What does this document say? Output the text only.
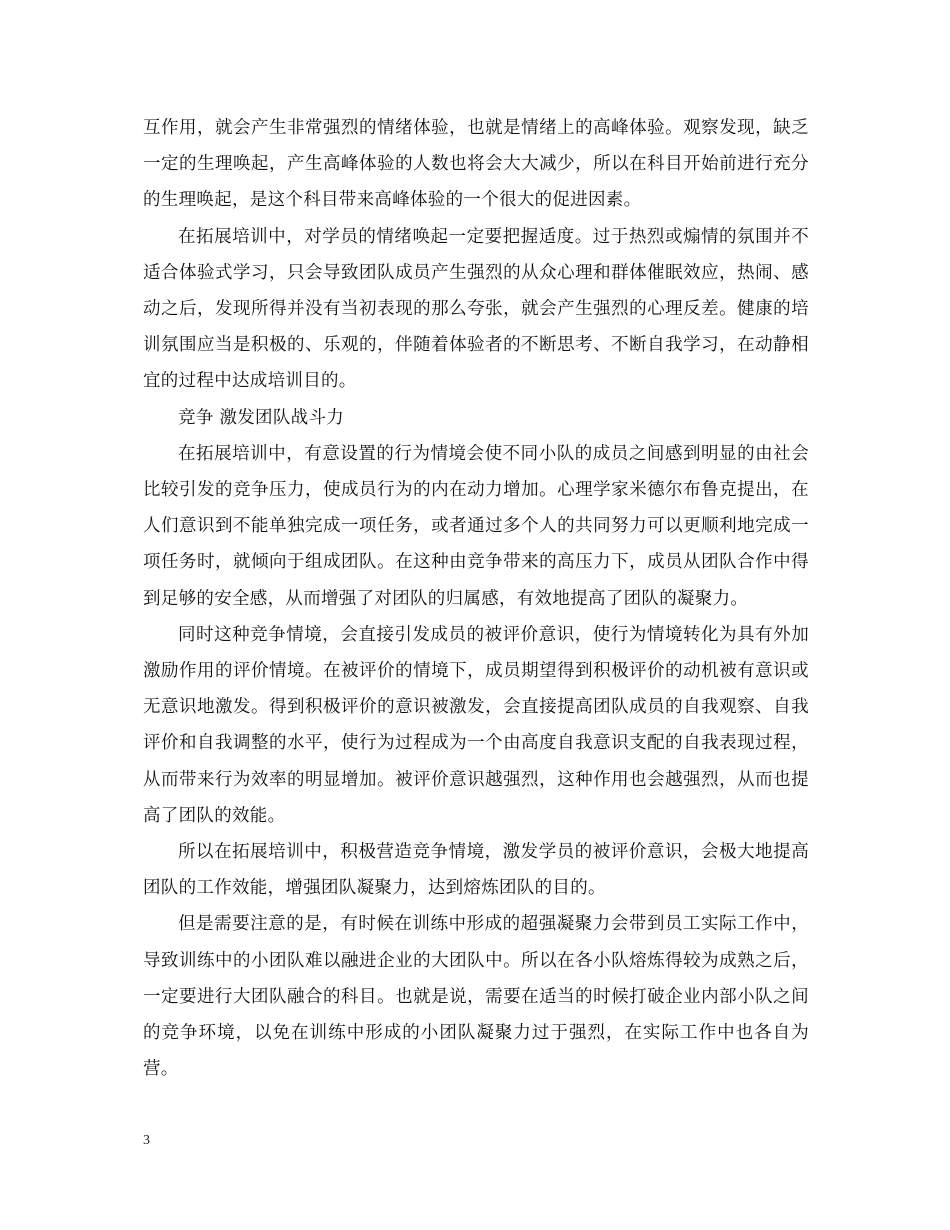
互作用，就会产生非常强烈的情绪体验，也就是情绪上的高峰体验。观察发现，缺乏一定的生理唤起，产生高峰体验的人数也将会大大减少，所以在科目开始前进行充分的生理唤起，是这个科目带来高峰体验的一个很大的促进因素。

在拓展培训中，对学员的情绪唤起一定要把握适度。过于热烈或煽情的氛围并不适合体验式学习，只会导致团队成员产生强烈的从众心理和群体催眠效应，热闹、感动之后，发现所得并没有当初表现的那么夸张，就会产生强烈的心理反差。健康的培训氛围应当是积极的、乐观的，伴随着体验者的不断思考、不断自我学习，在动静相宜的过程中达成培训目的。

竞争 激发团队战斗力

在拓展培训中，有意设置的行为情境会使不同小队的成员之间感到明显的由社会比较引发的竞争压力，使成员行为的内在动力增加。心理学家米德尔布鲁克提出，在人们意识到不能单独完成一项任务，或者通过多个人的共同努力可以更顺利地完成一项任务时，就倾向于组成团队。在这种由竞争带来的高压力下，成员从团队合作中得到足够的安全感，从而增强了对团队的归属感，有效地提高了团队的凝聚力。

同时这种竞争情境，会直接引发成员的被评价意识，使行为情境转化为具有外加激励作用的评价情境。在被评价的情境下，成员期望得到积极评价的动机被有意识或无意识地激发。得到积极评价的意识被激发，会直接提高团队成员的自我观察、自我评价和自我调整的水平，使行为过程成为一个由高度自我意识支配的自我表现过程，从而带来行为效率的明显增加。被评价意识越强烈，这种作用也会越强烈，从而也提高了团队的效能。

所以在拓展培训中，积极营造竞争情境，激发学员的被评价意识，会极大地提高团队的工作效能，增强团队凝聚力，达到熔炼团队的目的。

但是需要注意的是，有时候在训练中形成的超强凝聚力会带到员工实际工作中，导致训练中的小团队难以融进企业的大团队中。所以在各小队熔炼得较为成熟之后，一定要进行大团队融合的科目。也就是说，需要在适当的时候打破企业内部小队之间的竞争环境，以免在训练中形成的小团队凝聚力过于强烈，在实际工作中也各自为营。

3
